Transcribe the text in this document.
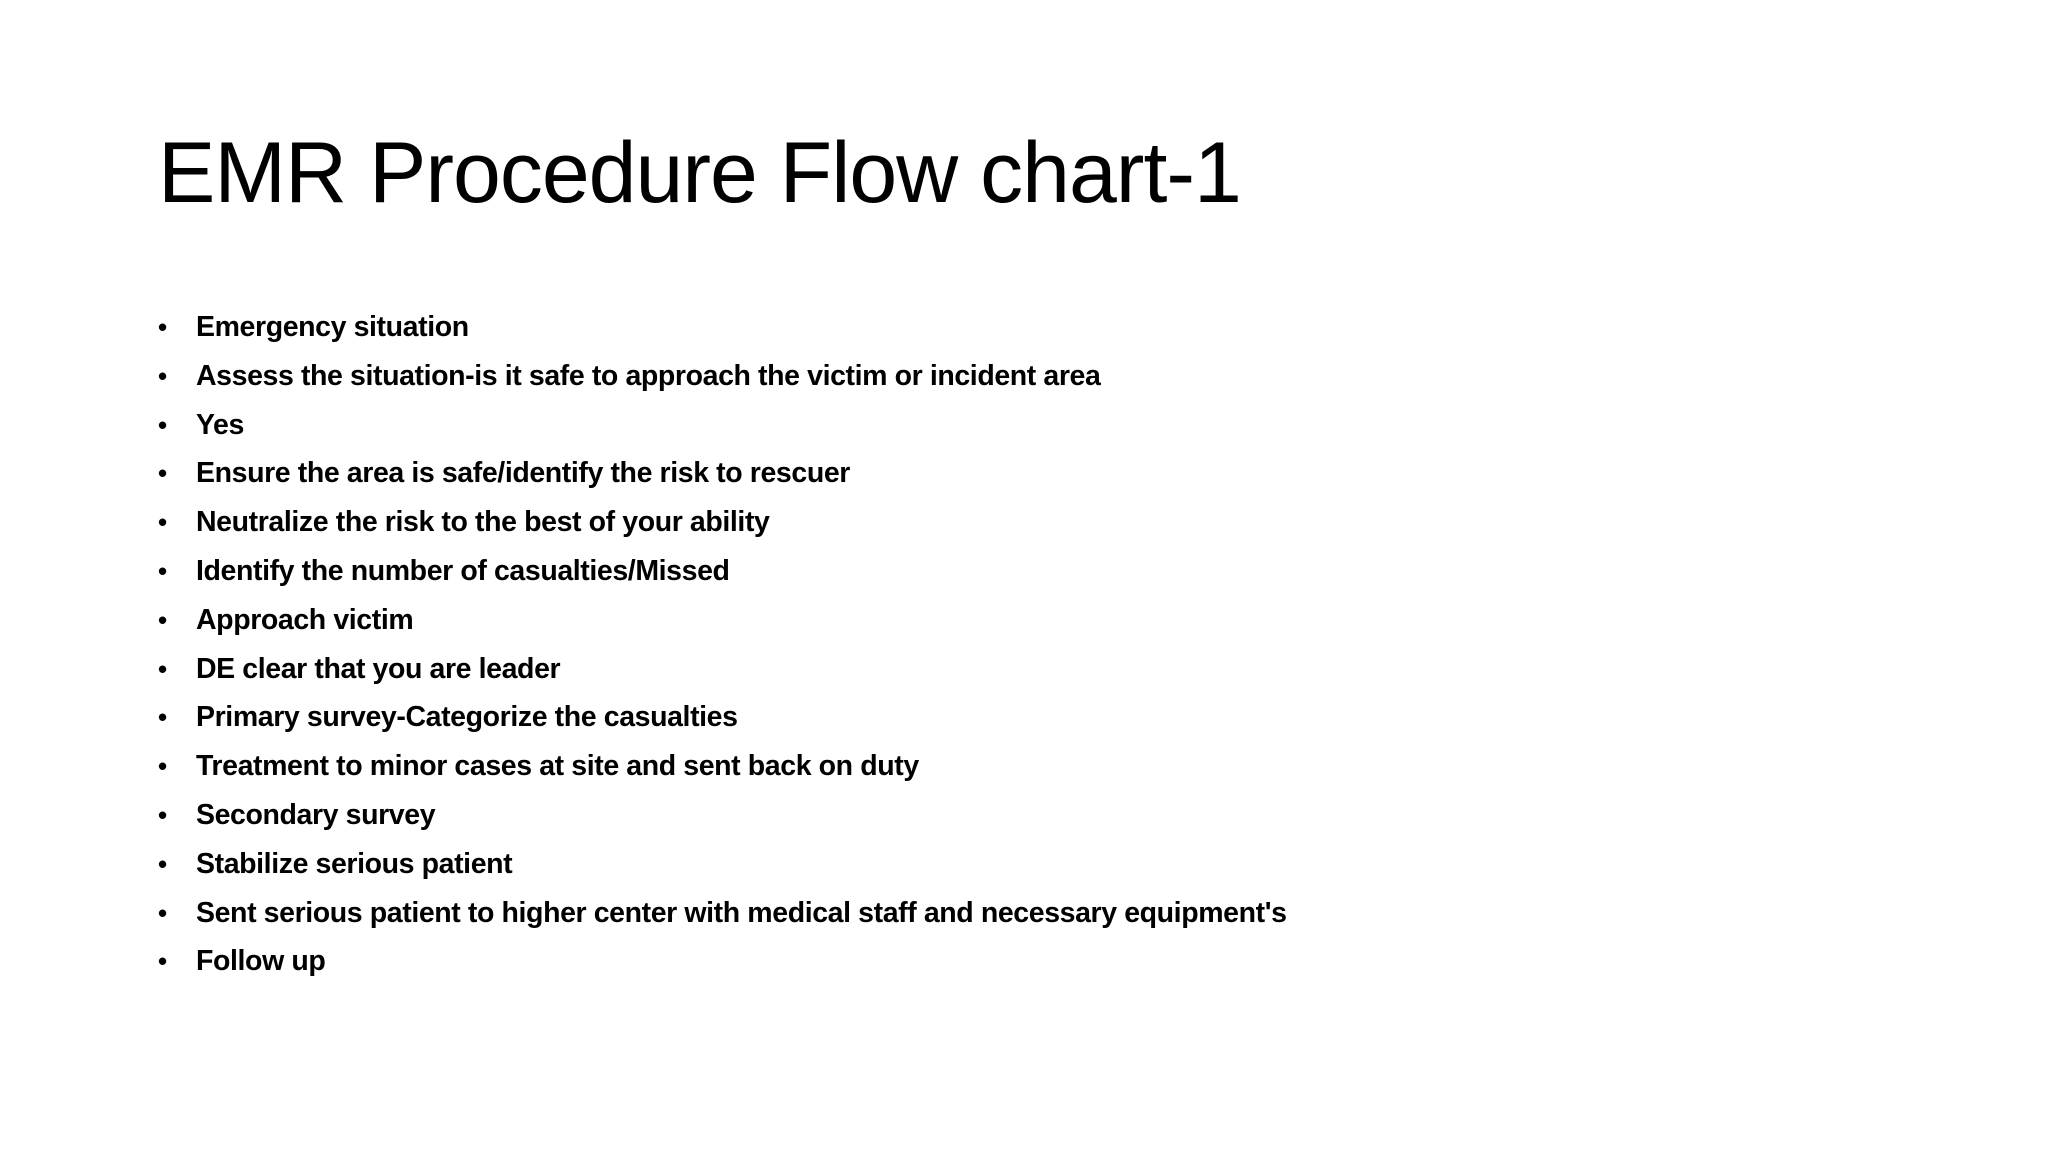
EMR Procedure Flow chart-1
• Emergency situation
• Assess the situation-is it safe to approach the victim or incident area
• Yes
• Ensure the area is safe/identify the risk to rescuer
• Neutralize the risk to the best of your ability
• Identify the number of casualties/Missed
• Approach victim
• DE clear that you are leader
• Primary survey-Categorize the casualties
• Treatment to minor cases at site and sent back on duty
• Secondary survey
• Stabilize serious patient
• Sent serious patient to higher center with medical staff and necessary equipment's
• Follow up
